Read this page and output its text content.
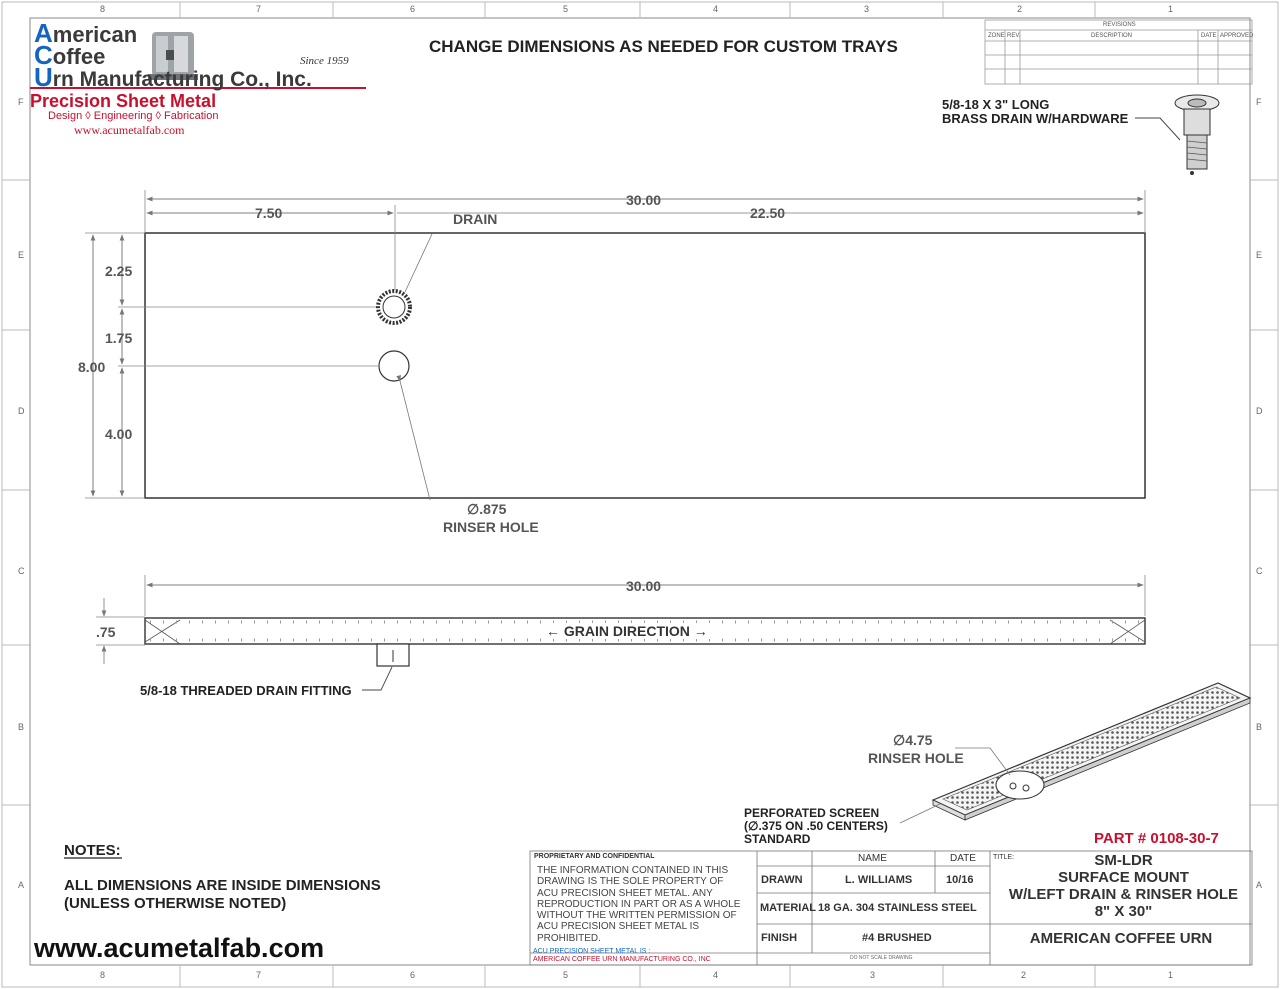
8	7	6	5	4	3	2	1
8	7	6	5	4	3	2	1
F
E
D
C
B
A
F
E
D
C
B
A
American
Coffee
Urn Manufacturing Co., Inc.
Since 1959
Precision Sheet Metal
Design ◊ Engineering ◊ Fabrication
www.acumetalfab.com
CHANGE DIMENSIONS AS NEEDED FOR CUSTOM TRAYS
REVISIONS
ZONE REV.	DESCRIPTION	DATE APPROVED
5/8-18 X 3" LONG
BRASS DRAIN W/HARDWARE
30.00
7.50	22.50
DRAIN
2.25
1.75
4.00
8.00
∅.875
RINSER HOLE
30.00
.75	← GRAIN DIRECTION →
5/8-18 THREADED DRAIN FITTING
∅4.75
RINSER HOLE
PERFORATED SCREEN
(∅.375 ON .50 CENTERS)
STANDARD
NOTES:
ALL DIMENSIONS ARE INSIDE DIMENSIONS
(UNLESS OTHERWISE NOTED)
www.acumetalfab.com
PART # 0108-30-7
PROPRIETARY AND CONFIDENTIAL
THE INFORMATION CONTAINED IN THIS
DRAWING IS THE SOLE PROPERTY OF
ACU PRECISION SHEET METAL. ANY
REPRODUCTION IN PART OR AS A WHOLE
WITHOUT THE WRITTEN PERMISSION OF
ACU PRECISION SHEET METAL IS
PROHIBITED.
ACU PRECISION SHEET METAL IS :
AMERICAN COFFEE URN MANUFACTURING CO., INC
NAME	DATE
DRAWN	L. WILLIAMS	10/16
MATERIAL 18 GA. 304 STAINLESS STEEL
FINISH	#4 BRUSHED
DO NOT SCALE DRAWING
TITLE:	SM-LDR
SURFACE MOUNT
W/LEFT DRAIN & RINSER HOLE
8" X 30"
AMERICAN COFFEE URN
